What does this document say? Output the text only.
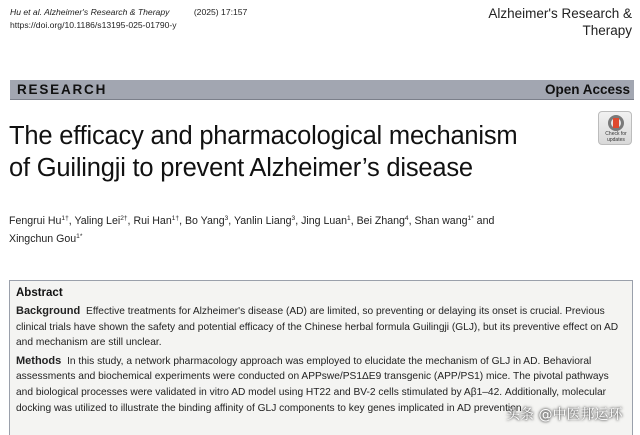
Hu et al. Alzheimer's Research & Therapy	(2025) 17:157
https://doi.org/10.1186/s13195-025-01790-y
Alzheimer's Research &
Therapy
RESEARCH	Open Access
The efficacy and pharmacological mechanism
of Guilingji to prevent Alzheimer’s disease
Check for
updates
Fengrui $Hu^{1\dagger}$, Yaling Lei$^{2\dagger}$, Rui Han$^{1\dagger}$, Bo Yang$^3$, Yanlin Liang$^3$, Jing Luan$^1$, Bei Zhang$^4$, Shan wang$^{1*}$ and
Xingchun Gou$^{1*}$
Abstract

Background Effective treatments for Alzheimer's disease (AD) are limited, so preventing or delaying its onset is crucial. Previous clinical trials have shown the safety and potential efficacy of the Chinese herbal formula Guilingji (GLJ), but its preventive effect on AD and mechanism are still unclear.

Methods In this study, a network pharmacology approach was employed to elucidate the mechanism of GLJ in AD. Behavioral assessments and biochemical experiments were conducted on APPswe/PS1ΔE9 transgenic (APP/PS1) mice. The pivotal pathways and biological processes were validated in vitro AD model using HT22 and BV-2 cells stimulated by Aβ1–42. Additionally, molecular docking was utilized to illustrate the binding affinity of GLJ components to key genes implicated in AD prevention.

头条 @中医邦运环
